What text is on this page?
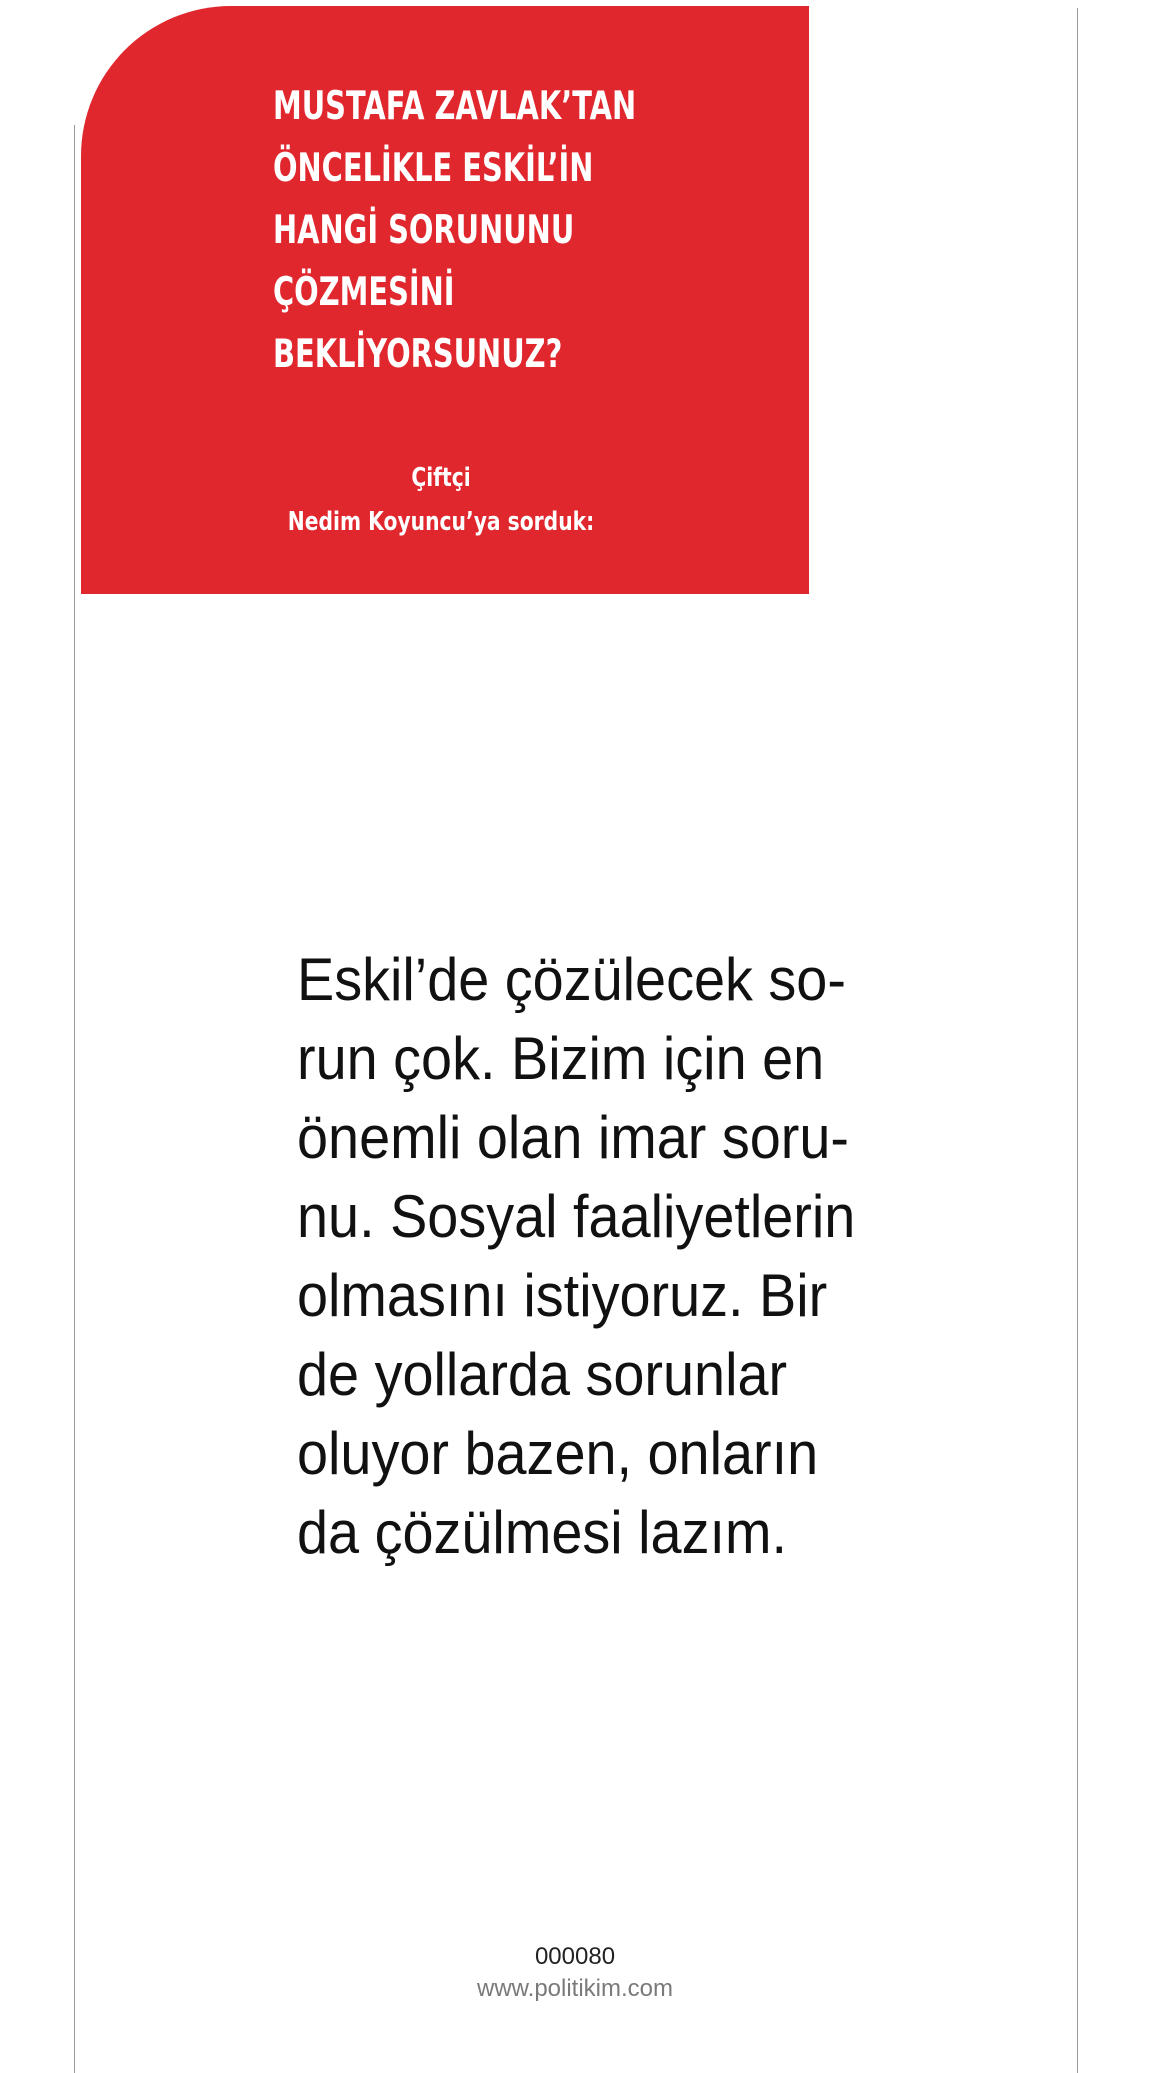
MUSTAFA ZAVLAK’TAN
ÖNCELİKLE ESKİL’İN
HANGİ SORUNUNU
ÇÖZMESİNİ
BEKLİYORSUNUZ?
Çiftçi
Nedim Koyuncu’ya sorduk:

Eskil’de çözülecek so-
run çok. Bizim için en
önemli olan imar soru-
nu. Sosyal faaliyetlerin
olmasını istiyoruz. Bir
de yollarda sorunlar
oluyor bazen, onların
da çözülmesi lazım.

000080
www.politikim.com
